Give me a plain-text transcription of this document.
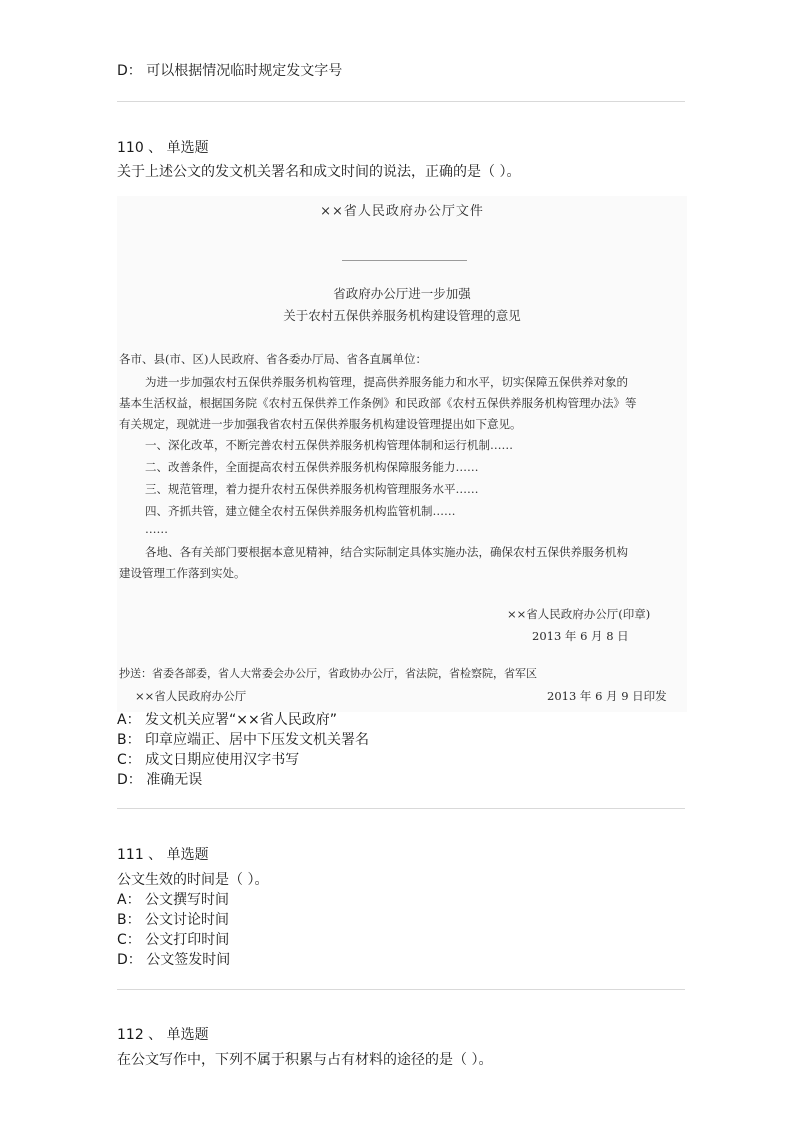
D： 可以根据情况临时规定发文字号
110 、 单选题
关于上述公文的发文机关署名和成文时间的说法，正确的是（ ）。
××省人民政府办公厅文件
省政府办公厅进一步加强
关于农村五保供养服务机构建设管理的意见
各市、县(市、区)人民政府、省各委办厅局、省各直属单位：
为进一步加强农村五保供养服务机构管理，提高供养服务能力和水平，切实保障五保供养对象的
基本生活权益，根据国务院《农村五保供养工作条例》和民政部《农村五保供养服务机构管理办法》等
有关规定，现就进一步加强我省农村五保供养服务机构建设管理提出如下意见。
一、深化改革，不断完善农村五保供养服务机构管理体制和运行机制……
二、改善条件，全面提高农村五保供养服务机构保障服务能力……
三、规范管理，着力提升农村五保供养服务机构管理服务水平……
四、齐抓共管，建立健全农村五保供养服务机构监管机制……
……
各地、各有关部门要根据本意见精神，结合实际制定具体实施办法，确保农村五保供养服务机构
建设管理工作落到实处。
××省人民政府办公厅(印章)
2013 年 6 月 8 日
抄送：省委各部委，省人大常委会办公厅，省政协办公厅，省法院，省检察院，省军区
××省人民政府办公厅	2013 年 6 月 9 日印发
A： 发文机关应署“××省人民政府”
B： 印章应端正、居中下压发文机关署名
C： 成文日期应使用汉字书写
D： 准确无误
111 、 单选题
公文生效的时间是（ ）。
A： 公文撰写时间
B： 公文讨论时间
C： 公文打印时间
D： 公文签发时间
112 、 单选题
在公文写作中，下列不属于积累与占有材料的途径的是（ ）。
